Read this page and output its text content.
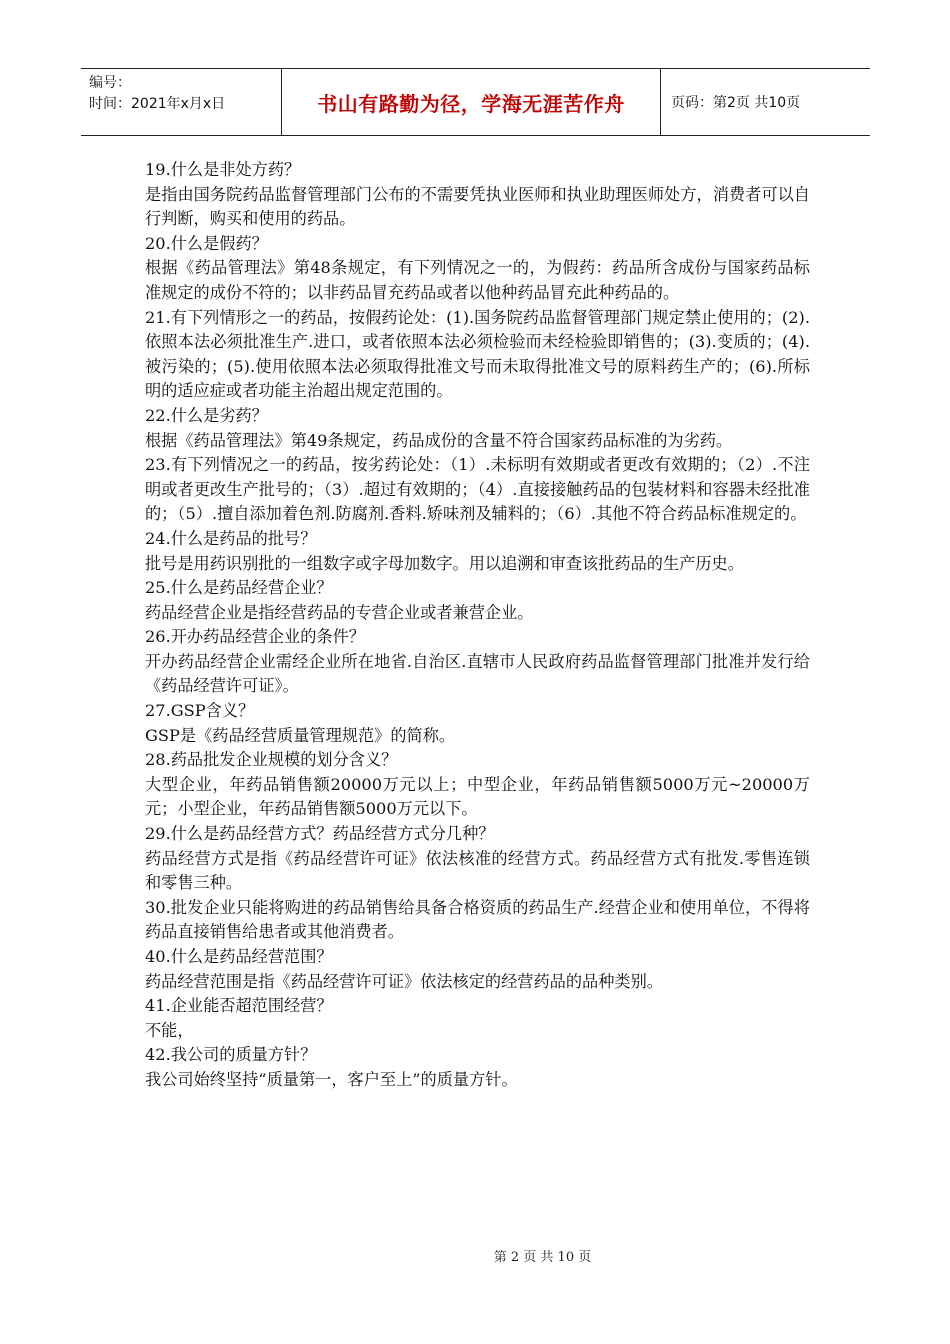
编号：
时间：2021年x月x日	书山有路勤为径，学海无涯苦作舟	页码：第2页 共10页

19.什么是非处方药？

是指由国务院药品监督管理部门公布的不需要凭执业医师和执业助理医师处方，消费者可以自行判断，购买和使用的药品。

20.什么是假药？

根据《药品管理法》第48条规定，有下列情况之一的，为假药：药品所含成份与国家药品标准规定的成份不符的；以非药品冒充药品或者以他种药品冒充此种药品的。

21.有下列情形之一的药品，按假药论处：(1).国务院药品监督管理部门规定禁止使用的；(2).依照本法必须批准生产.进口，或者依照本法必须检验而未经检验即销售的；(3).变质的；(4).被污染的；(5).使用依照本法必须取得批准文号而未取得批准文号的原料药生产的；(6).所标明的适应症或者功能主治超出规定范围的。

22.什么是劣药？

根据《药品管理法》第49条规定，药品成份的含量不符合国家药品标准的为劣药。

23.有下列情况之一的药品，按劣药论处：（1）.未标明有效期或者更改有效期的；（2）.不注明或者更改生产批号的；（3）.超过有效期的；（4）.直接接触药品的包装材料和容器未经批准的；（5）.擅自添加着色剂.防腐剂.香料.矫味剂及辅料的；（6）.其他不符合药品标准规定的。

24.什么是药品的批号？

批号是用药识别批的一组数字或字母加数字。用以追溯和审查该批药品的生产历史。

25.什么是药品经营企业？

药品经营企业是指经营药品的专营企业或者兼营企业。

26.开办药品经营企业的条件？

开办药品经营企业需经企业所在地省.自治区.直辖市人民政府药品监督管理部门批准并发行给《药品经营许可证》。

27.GSP含义？

GSP是《药品经营质量管理规范》的简称。

28.药品批发企业规模的划分含义？

大型企业，年药品销售额20000万元以上；中型企业，年药品销售额5000万元~20000万元；小型企业，年药品销售额5000万元以下。

29.什么是药品经营方式？药品经营方式分几种？

药品经营方式是指《药品经营许可证》依法核准的经营方式。药品经营方式有批发.零售连锁和零售三种。

30.批发企业只能将购进的药品销售给具备合格资质的药品生产.经营企业和使用单位，不得将药品直接销售给患者或其他消费者。

40.什么是药品经营范围？

药品经营范围是指《药品经营许可证》依法核定的经营药品的品种类别。

41.企业能否超范围经营？

不能，

42.我公司的质量方针？

我公司始终坚持“质量第一，客户至上”的质量方针。

第 2 页 共 10 页
